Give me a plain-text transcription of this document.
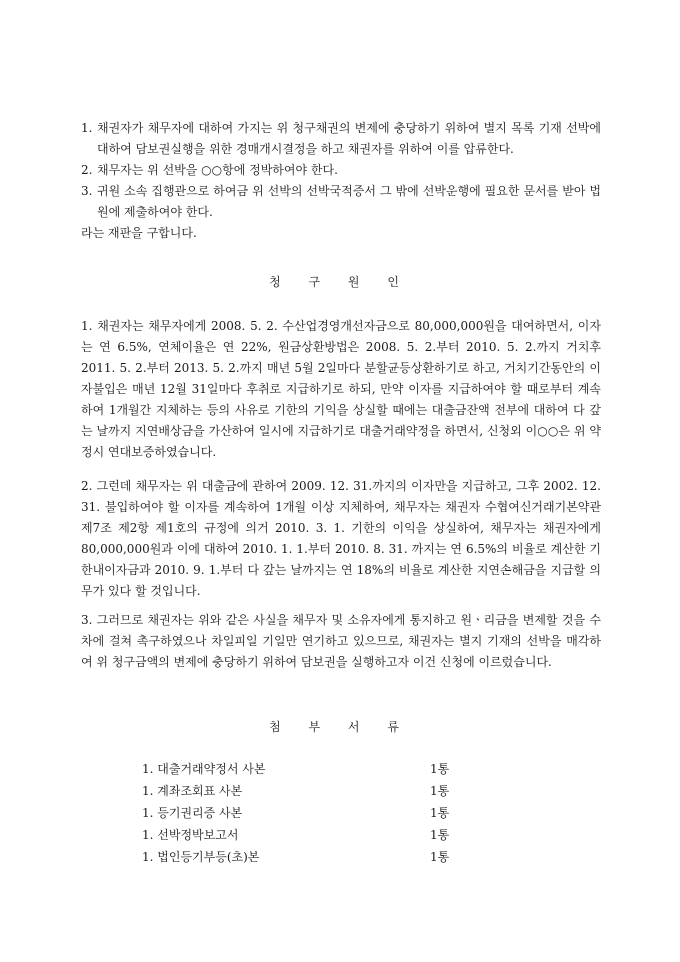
1. 채권자가 채무자에 대하여 가지는 위 청구채권의 변제에 충당하기 위하여 별지 목록 기재 선박에 대하여 담보권실행을 위한 경매개시결정을 하고 채권자를 위하여 이를 압류한다.
2. 채무자는 위 선박을 ○○항에 정박하여야 한다.
3. 귀원 소속 집행관으로 하여금 위 선박의 선박국적증서 그 밖에 선박운행에 필요한 문서를 받아 법원에 제출하여야 한다.
라는 재판을 구합니다.
청 구 원 인
1. 채권자는 채무자에게 2008. 5. 2. 수산업경영개선자금으로 80,000,000원을 대여하면서, 이자는 연 6.5%, 연체이율은 연 22%, 원금상환방법은 2008. 5. 2.부터 2010. 5. 2.까지 거치후 2011. 5. 2.부터 2013. 5. 2.까지 매년 5월 2일마다 분할균등상환하기로 하고, 거치기간동안의 이자불입은 매년 12월 31일마다 후취로 지급하기로 하되, 만약 이자를 지급하여야 할 때로부터 계속하여 1개월간 지체하는 등의 사유로 기한의 기익을 상실할 때에는 대출금잔액 전부에 대하여 다 갚는 날까지 지연배상금을 가산하여 일시에 지급하기로 대출거래약정을 하면서, 신청외 이○○은 위 약정시 연대보증하였습니다.
2. 그런데 채무자는 위 대출금에 관하여 2009. 12. 31.까지의 이자만을 지급하고, 그후 2002. 12. 31. 불입하여야 할 이자를 계속하여 1개월 이상 지체하여, 채무자는 채권자 수협여신거래기본약관 제7조 제2항 제1호의 규정에 의거 2010. 3. 1. 기한의 이익을 상실하여, 채무자는 채권자에게 80,000,000원과 이에 대하여 2010. 1. 1.부터 2010. 8. 31. 까지는 연 6.5%의 비율로 계산한 기한내이자금과 2010. 9. 1.부터 다 갚는 날까지는 연 18%의 비율로 계산한 지연손해금을 지급할 의무가 있다 할 것입니다.
3. 그러므로 채권자는 위와 같은 사실을 채무자 및 소유자에게 통지하고 원ㆍ리금을 변제할 것을 수차에 걸쳐 촉구하였으나 차일피일 기일만 연기하고 있으므로, 채권자는 별지 기재의 선박을 매각하여 위 청구금액의 변제에 충당하기 위하여 담보권을 실행하고자 이건 신청에 이르렀습니다.
첨 부 서 류
1. 대출거래약정서 사본	1통
1. 계좌조회표 사본	1통
1. 등기권리증 사본	1통
1. 선박정박보고서	1통
1. 법인등기부등(초)본	1통
